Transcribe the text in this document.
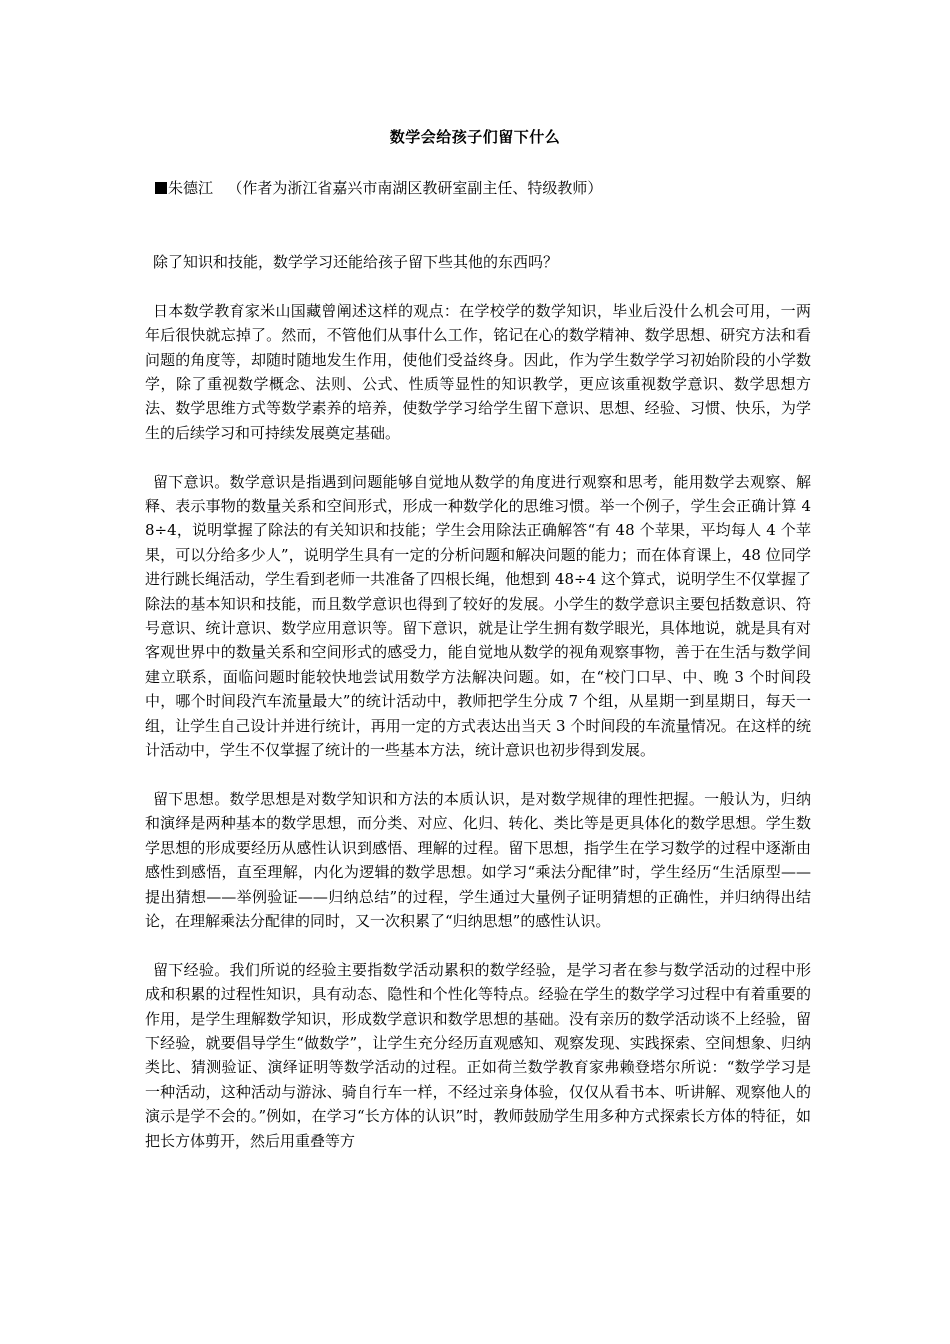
数学会给孩子们留下什么
朱德江 （作者为浙江省嘉兴市南湖区教研室副主任、特级教师）

除了知识和技能，数学学习还能给孩子留下些其他的东西吗？

日本数学教育家米山国藏曾阐述这样的观点：在学校学的数学知识，毕业后没什么机会可用，一两年后很快就忘掉了。然而，不管他们从事什么工作，铭记在心的数学精神、数学思想、研究方法和看问题的角度等，却随时随地发生作用，使他们受益终身。因此，作为学生数学学习初始阶段的小学数学，除了重视数学概念、法则、公式、性质等显性的知识教学，更应该重视数学意识、数学思想方法、数学思维方式等数学素养的培养，使数学学习给学生留下意识、思想、经验、习惯、快乐，为学生的后续学习和可持续发展奠定基础。

留下意识。数学意识是指遇到问题能够自觉地从数学的角度进行观察和思考，能用数学去观察、解释、表示事物的数量关系和空间形式，形成一种数学化的思维习惯。举一个例子，学生会正确计算 48÷4，说明掌握了除法的有关知识和技能；学生会用除法正确解答“有 48 个苹果，平均每人 4 个苹果，可以分给多少人”，说明学生具有一定的分析问题和解决问题的能力；而在体育课上，48 位同学进行跳长绳活动，学生看到老师一共准备了四根长绳，他想到 48÷4 这个算式，说明学生不仅掌握了除法的基本知识和技能，而且数学意识也得到了较好的发展。小学生的数学意识主要包括数意识、符号意识、统计意识、数学应用意识等。留下意识，就是让学生拥有数学眼光，具体地说，就是具有对客观世界中的数量关系和空间形式的感受力，能自觉地从数学的视角观察事物，善于在生活与数学间建立联系，面临问题时能较快地尝试用数学方法解决问题。如，在“校门口早、中、晚 3 个时间段中，哪个时间段汽车流量最大”的统计活动中，教师把学生分成 7 个组，从星期一到星期日，每天一组，让学生自己设计并进行统计，再用一定的方式表达出当天 3 个时间段的车流量情况。在这样的统计活动中，学生不仅掌握了统计的一些基本方法，统计意识也初步得到发展。

留下思想。数学思想是对数学知识和方法的本质认识，是对数学规律的理性把握。一般认为，归纳和演绎是两种基本的数学思想，而分类、对应、化归、转化、类比等是更具体化的数学思想。学生数学思想的形成要经历从感性认识到感悟、理解的过程。留下思想，指学生在学习数学的过程中逐渐由感性到感悟，直至理解，内化为逻辑的数学思想。如学习“乘法分配律”时，学生经历“生活原型——提出猜想——举例验证——归纳总结”的过程，学生通过大量例子证明猜想的正确性，并归纳得出结论，在理解乘法分配律的同时，又一次积累了“归纳思想”的感性认识。

留下经验。我们所说的经验主要指数学活动累积的数学经验，是学习者在参与数学活动的过程中形成和积累的过程性知识，具有动态、隐性和个性化等特点。经验在学生的数学学习过程中有着重要的作用，是学生理解数学知识，形成数学意识和数学思想的基础。没有亲历的数学活动谈不上经验，留下经验，就要倡导学生“做数学”，让学生充分经历直观感知、观察发现、实践探索、空间想象、归纳类比、猜测验证、演绎证明等数学活动的过程。正如荷兰数学教育家弗赖登塔尔所说：“数学学习是一种活动，这种活动与游泳、骑自行车一样，不经过亲身体验，仅仅从看书本、听讲解、观察他人的演示是学不会的。”例如，在学习“长方体的认识”时，教师鼓励学生用多种方式探索长方体的特征，如把长方体剪开，然后用重叠等方
